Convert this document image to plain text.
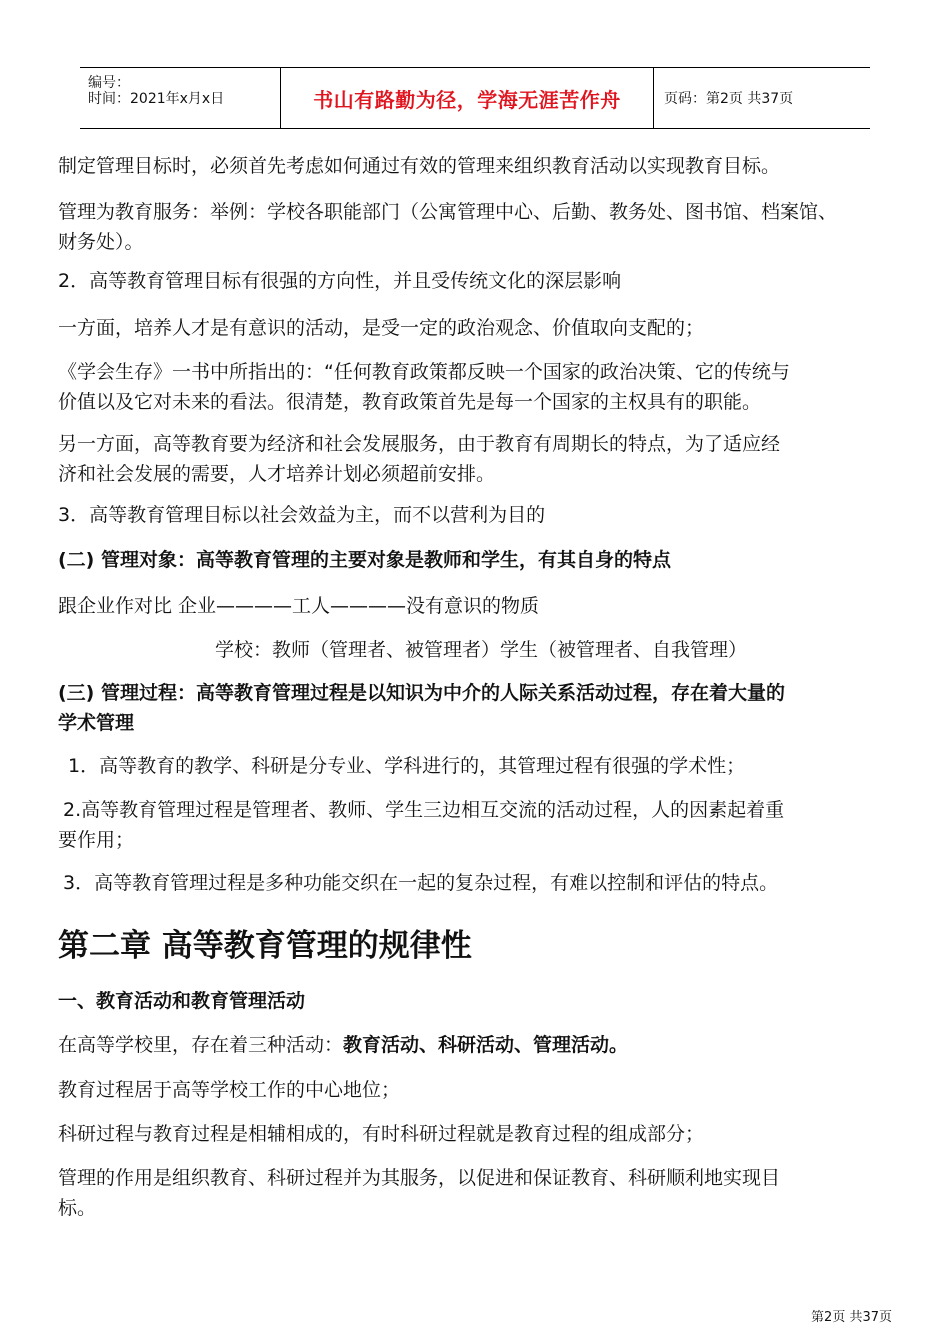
编号：
时间：2021年x月x日	书山有路勤为径，学海无涯苦作舟	页码：第2页 共37页
制定管理目标时，必须首先考虑如何通过有效的管理来组织教育活动以实现教育目标。
管理为教育服务：举例：学校各职能部门（公寓管理中心、后勤、教务处、图书馆、档案馆、
财务处）。
2．高等教育管理目标有很强的方向性，并且受传统文化的深层影响
一方面，培养人才是有意识的活动，是受一定的政治观念、价值取向支配的；
《学会生存》一书中所指出的：“任何教育政策都反映一个国家的政治决策、它的传统与
价值以及它对未来的看法。很清楚，教育政策首先是每一个国家的主权具有的职能。
另一方面，高等教育要为经济和社会发展服务，由于教育有周期长的特点，为了适应经
济和社会发展的需要，人才培养计划必须超前安排。
3．高等教育管理目标以社会效益为主，而不以营利为目的
(二) 管理对象：高等教育管理的主要对象是教师和学生，有其自身的特点
跟企业作对比 企业————工人————没有意识的物质
学校：教师（管理者、被管理者）学生（被管理者、自我管理）
(三) 管理过程：高等教育管理过程是以知识为中介的人际关系活动过程，存在着大量的
学术管理
1．高等教育的教学、科研是分专业、学科进行的，其管理过程有很强的学术性；
2.高等教育管理过程是管理者、教师、学生三边相互交流的活动过程，人的因素起着重
要作用；
3．高等教育管理过程是多种功能交织在一起的复杂过程，有难以控制和评估的特点。
第二章 高等教育管理的规律性
一、教育活动和教育管理活动
在高等学校里，存在着三种活动：教育活动、科研活动、管理活动。
教育过程居于高等学校工作的中心地位；
科研过程与教育过程是相辅相成的，有时科研过程就是教育过程的组成部分；
管理的作用是组织教育、科研过程并为其服务，以促进和保证教育、科研顺利地实现目
标。
第2页 共37页
